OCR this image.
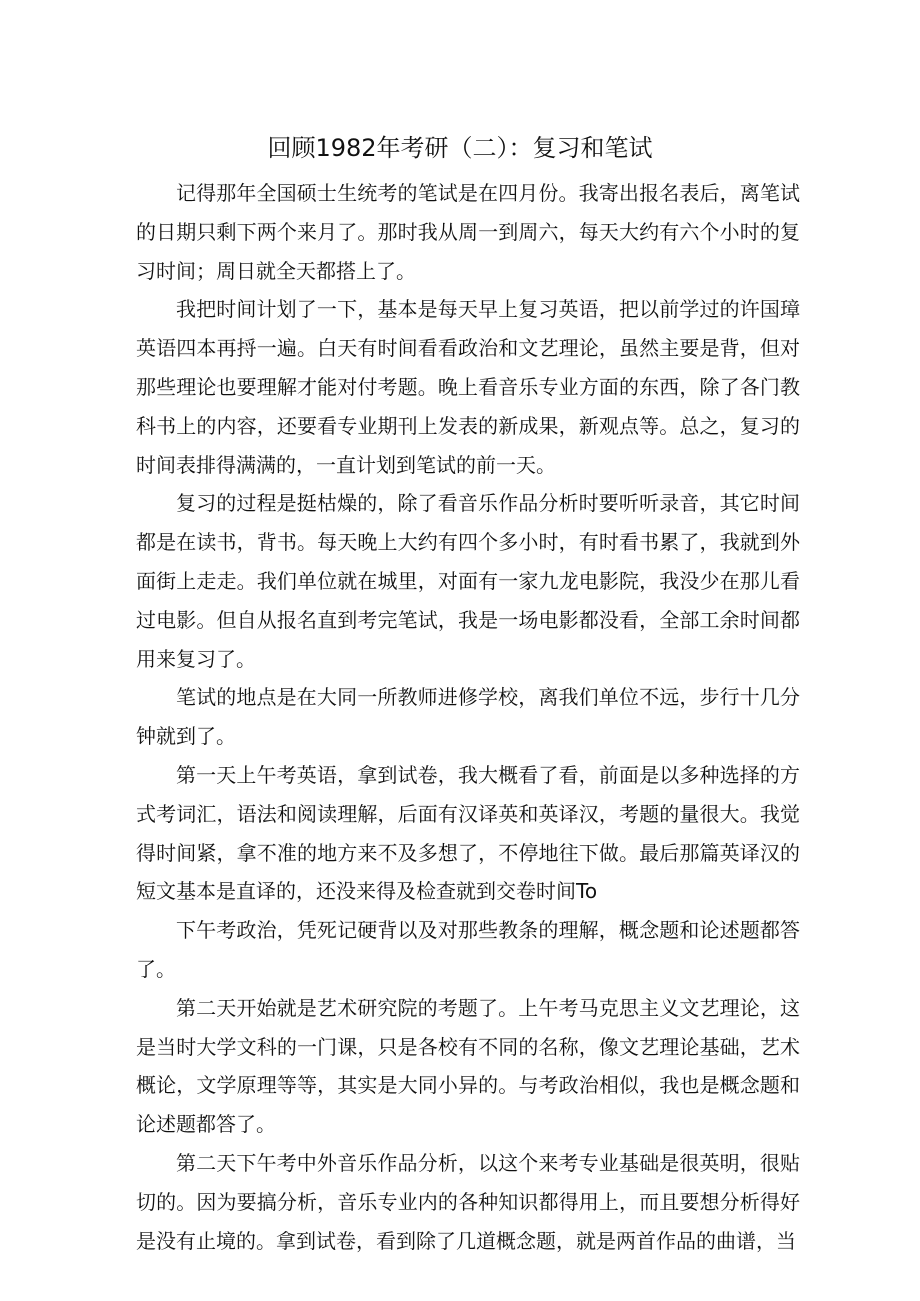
回顾1982年考研（二）：复习和笔试

记得那年全国硕士生统考的笔试是在四月份。我寄出报名表后，离笔试的日期只剩下两个来月了。那时我从周一到周六，每天大约有六个小时的复习时间；周日就全天都搭上了。

我把时间计划了一下，基本是每天早上复习英语，把以前学过的许国璋英语四本再捋一遍。白天有时间看看政治和文艺理论，虽然主要是背，但对那些理论也要理解才能对付考题。晚上看音乐专业方面的东西，除了各门教科书上的内容，还要看专业期刊上发表的新成果，新观点等。总之，复习的时间表排得满满的，一直计划到笔试的前一天。

复习的过程是挺枯燥的，除了看音乐作品分析时要听听录音，其它时间都是在读书，背书。每天晚上大约有四个多小时，有时看书累了，我就到外面街上走走。我们单位就在城里，对面有一家九龙电影院，我没少在那儿看过电影。但自从报名直到考完笔试，我是一场电影都没看，全部工余时间都用来复习了。

笔试的地点是在大同一所教师进修学校，离我们单位不远，步行十几分钟就到了。

第一天上午考英语，拿到试卷，我大概看了看，前面是以多种选择的方式考词汇，语法和阅读理解，后面有汉译英和英译汉，考题的量很大。我觉得时间紧，拿不准的地方来不及多想了，不停地往下做。最后那篇英译汉的短文基本是直译的，还没来得及检查就到交卷时间To

下午考政治，凭死记硬背以及对那些教条的理解，概念题和论述题都答了。

第二天开始就是艺术研究院的考题了。上午考马克思主义文艺理论，这是当时大学文科的一门课，只是各校有不同的名称，像文艺理论基础，艺术概论，文学原理等等，其实是大同小异的。与考政治相似，我也是概念题和论述题都答了。

第二天下午考中外音乐作品分析，以这个来考专业基础是很英明，很贴切的。因为要搞分析，音乐专业内的各种知识都得用上，而且要想分析得好是没有止境的。拿到试卷，看到除了几道概念题，就是两首作品的曲谱，当
